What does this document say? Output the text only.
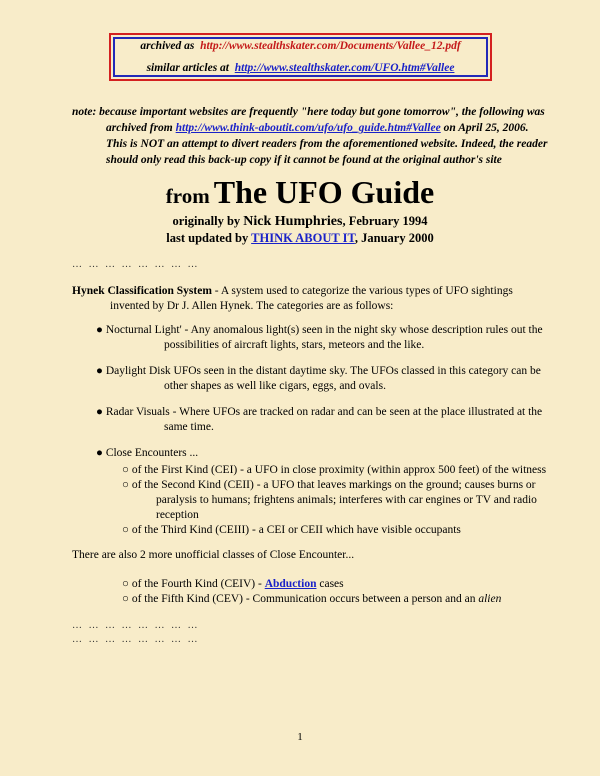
archived as http://www.stealthskater.com/Documents/Vallee_12.pdf
similar articles at http://www.stealthskater.com/UFO.htm#Vallee
note: because important websites are frequently "here today but gone tomorrow", the following was
archived from http://www.think-aboutit.com/ufo/ufo_guide.htm#Vallee on April 25, 2006.
This is NOT an attempt to divert readers from the aforementioned website. Indeed, the reader
should only read this back-up copy if it cannot be found at the original author's site
from The UFO Guide
originally by Nick Humphries, February 1994
last updated by THINK ABOUT IT, January 2000
… … … … … … … …
Hynek Classification System - A system used to categorize the various types of UFO sightings
invented by Dr J. Allen Hynek. The categories are as follows:
● Nocturnal Light' - Any anomalous light(s) seen in the night sky whose description rules out the
possibilities of aircraft lights, stars, meteors and the like.
● Daylight Disk UFOs seen in the distant daytime sky. The UFOs classed in this category can be
other shapes as well like cigars, eggs, and ovals.
● Radar Visuals - Where UFOs are tracked on radar and can be seen at the place illustrated at the
same time.
● Close Encounters ...
○ of the First Kind (CEI) - a UFO in close proximity (within approx 500 feet) of the witness
○ of the Second Kind (CEII) - a UFO that leaves markings on the ground; causes burns or
paralysis to humans; frightens animals; interferes with car engines or TV and radio
reception
○ of the Third Kind (CEIII) - a CEI or CEII which have visible occupants
There are also 2 more unofficial classes of Close Encounter...
○ of the Fourth Kind (CEIV) - Abduction cases
○ of the Fifth Kind (CEV) - Communication occurs between a person and an alien
… … … … … … … …
… … … … … … … …
1
